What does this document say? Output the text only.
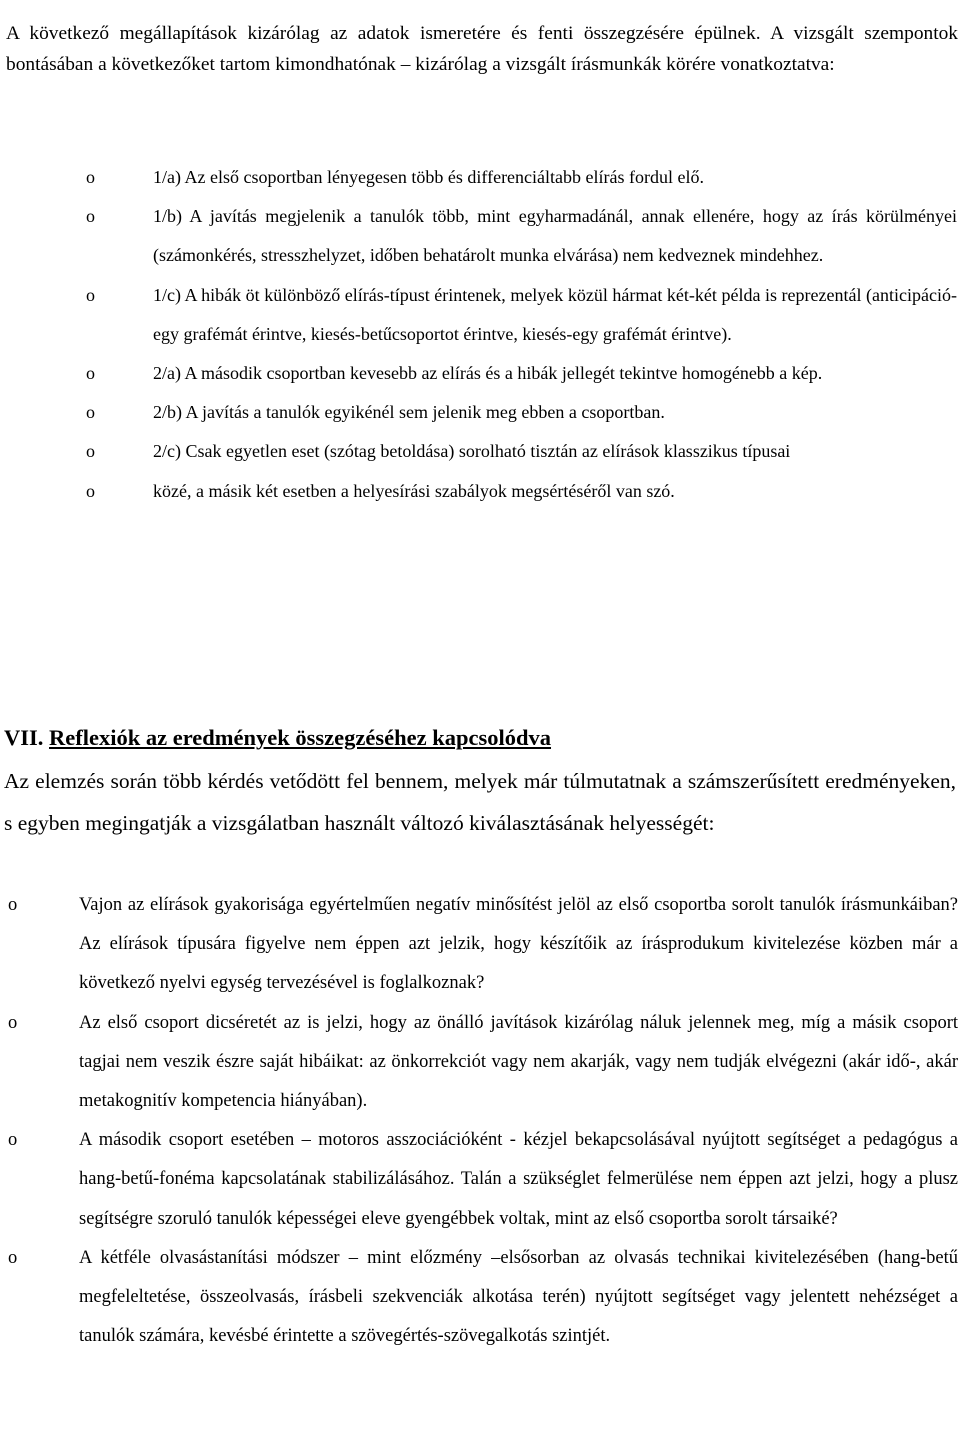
A következő megállapítások kizárólag az adatok ismeretére és fenti összegzésére épülnek. A vizsgált szempontok bontásában a következőket tartom kimondhatónak – kizárólag a vizsgált írásmunkák körére vonatkoztatva:

o	1/a) Az első csoportban lényegesen több és differenciáltabb elírás fordul elő.
o	1/b) A javítás megjelenik a tanulók több, mint egyharmadánál, annak ellenére, hogy az írás körülményei (számonkérés, stresszhelyzet, időben behatárolt munka elvárása) nem kedveznek mindehhez.
o	1/c) A hibák öt különböző elírás-típust érintenek, melyek közül hármat két-két példa is reprezentál (anticipáció-egy grafémát érintve, kiesés-betűcsoportot érintve, kiesés-egy grafémát érintve).
o	2/a) A második csoportban kevesebb az elírás és a hibák jellegét tekintve homogénebb a kép.
o	2/b) A javítás a tanulók egyikénél sem jelenik meg ebben a csoportban.
o	2/c) Csak egyetlen eset (szótag betoldása) sorolható tisztán az elírások klasszikus típusai
o	közé, a másik két esetben a helyesírási szabályok megsértéséről van szó.
VII. Reflexiók az eredmények összegzéséhez kapcsolódva

Az elemzés során több kérdés vetődött fel bennem, melyek már túlmutatnak a számszerűsített eredményeken, s egyben megingatják a vizsgálatban használt változó kiválasztásának helyességét:

o	Vajon az elírások gyakorisága egyértelműen negatív minősítést jelöl az első csoportba sorolt tanulók írásmunkáiban? Az elírások típusára figyelve nem éppen azt jelzik, hogy készítőik az írásprodukum kivitelezése közben már a következő nyelvi egység tervezésével is foglalkoznak?
o	Az első csoport dicséretét az is jelzi, hogy az önálló javítások kizárólag náluk jelennek meg, míg a másik csoport tagjai nem veszik észre saját hibáikat: az önkorrekciót vagy nem akarják, vagy nem tudják elvégezni (akár idő-, akár metakognitív kompetencia hiányában).
o	A második csoport esetében – motoros asszociációként - kézjel bekapcsolásával nyújtott segítséget a pedagógus a hang-betű-fonéma kapcsolatának stabilizálásához. Talán a szükséglet felmerülése nem éppen azt jelzi, hogy a plusz segítségre szoruló tanulók képességei eleve gyengébbek voltak, mint az első csoportba sorolt társaiké?
o	A kétféle olvasástanítási módszer – mint előzmény –elsősorban az olvasás technikai kivitelezésében (hang-betű megfeleltetése, összeolvasás, írásbeli szekvenciák alkotása terén) nyújtott segítséget vagy jelentett nehézséget a tanulók számára, kevésbé érintette a szövegértés-szövegalkotás szintjét.
